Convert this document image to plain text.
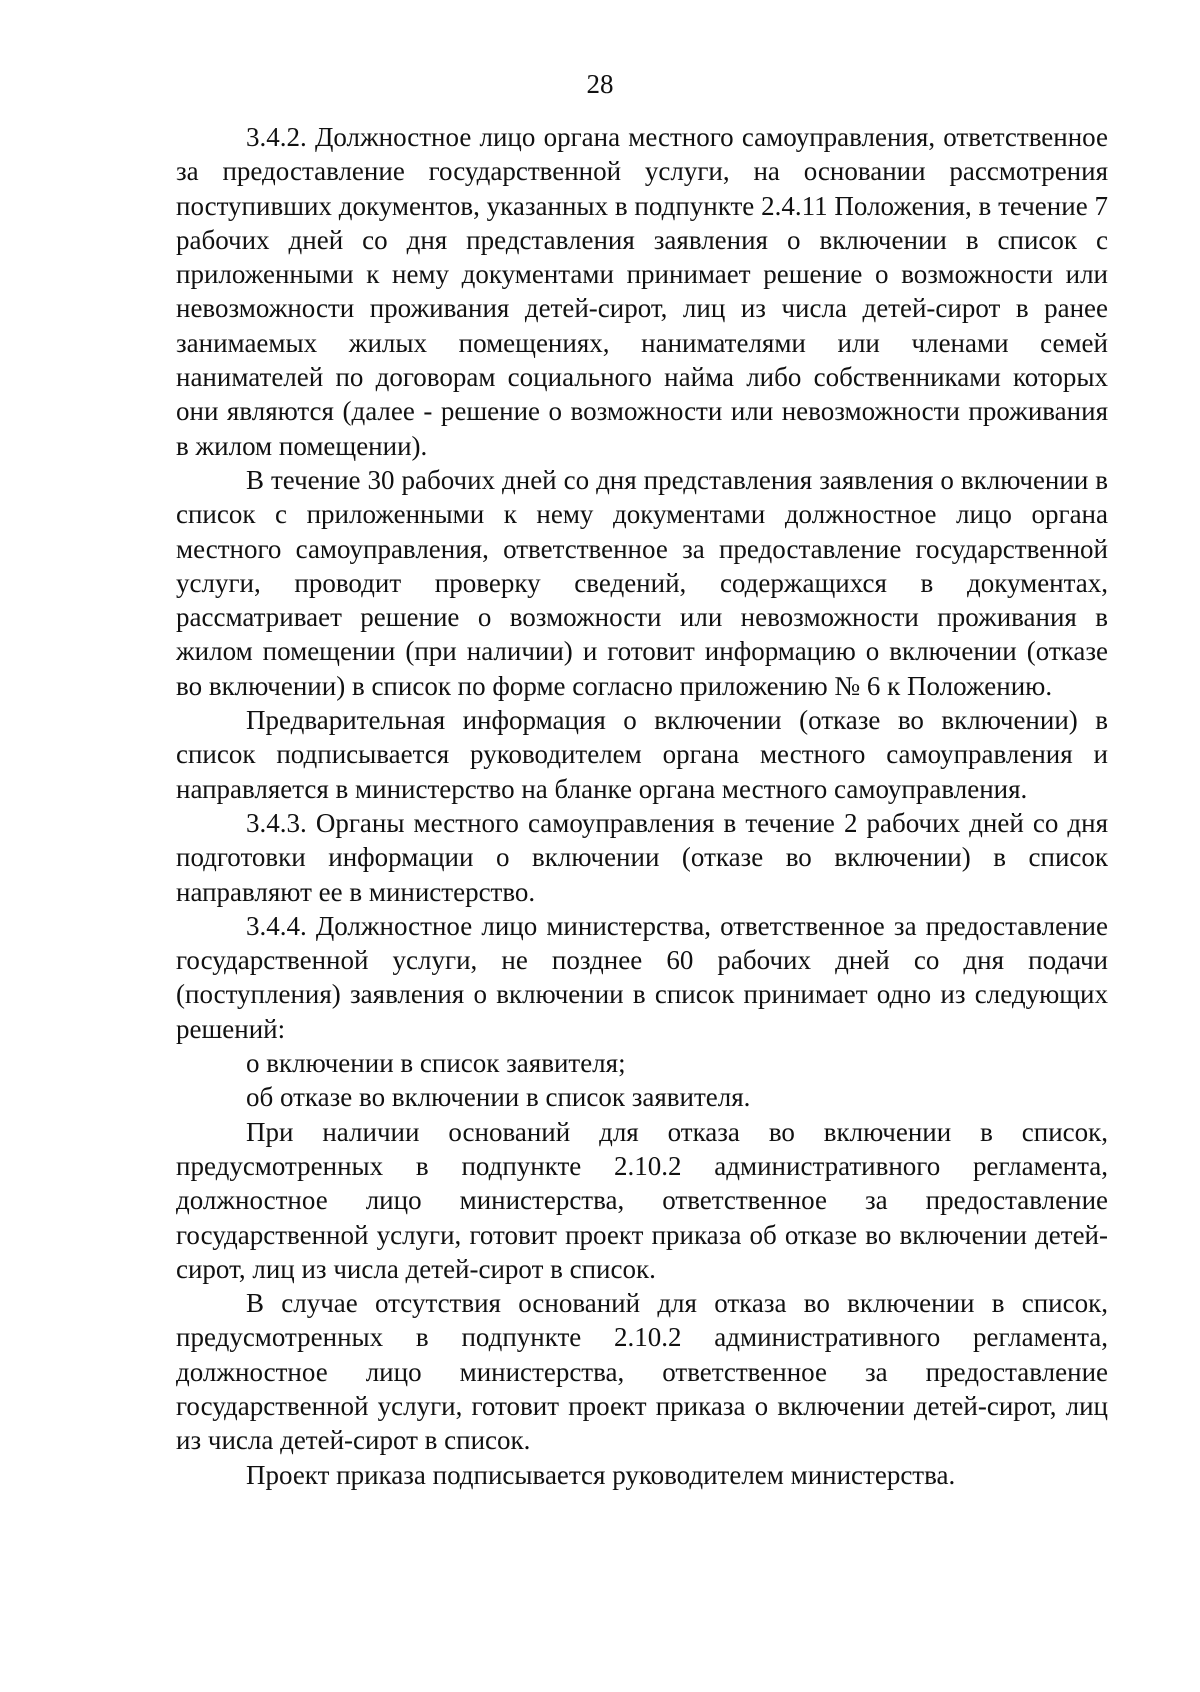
28

3.4.2. Должностное лицо органа местного самоуправления, ответственное за предоставление государственной услуги, на основании рассмотрения поступивших документов, указанных в подпункте 2.4.11 Положения, в течение 7 рабочих дней со дня представления заявления о включении в список с приложенными к нему документами принимает решение о возможности или невозможности проживания детей-сирот, лиц из числа детей-сирот в ранее занимаемых жилых помещениях, нанимателями или членами семей нанимателей по договорам социального найма либо собственниками которых они являются (далее - решение о возможности или невозможности проживания в жилом помещении).

В течение 30 рабочих дней со дня представления заявления о включении в список с приложенными к нему документами должностное лицо органа местного самоуправления, ответственное за предоставление государственной услуги, проводит проверку сведений, содержащихся в документах, рассматривает решение о возможности или невозможности проживания в жилом помещении (при наличии) и готовит информацию о включении (отказе во включении) в список по форме согласно приложению № 6 к Положению.

Предварительная информация о включении (отказе во включении) в список подписывается руководителем органа местного самоуправления и направляется в министерство на бланке органа местного самоуправления.

3.4.3. Органы местного самоуправления в течение 2 рабочих дней со дня подготовки информации о включении (отказе во включении) в список направляют ее в министерство.

3.4.4. Должностное лицо министерства, ответственное за предоставление государственной услуги, не позднее 60 рабочих дней со дня подачи (поступления) заявления о включении в список принимает одно из следующих решений:

о включении в список заявителя;

об отказе во включении в список заявителя.

При наличии оснований для отказа во включении в список, предусмотренных в подпункте 2.10.2 административного регламента, должностное лицо министерства, ответственное за предоставление государственной услуги, готовит проект приказа об отказе во включении детей-сирот, лиц из числа детей-сирот в список.

В случае отсутствия оснований для отказа во включении в список, предусмотренных в подпункте 2.10.2 административного регламента, должностное лицо министерства, ответственное за предоставление государственной услуги, готовит проект приказа о включении детей-сирот, лиц из числа детей-сирот в список.

Проект приказа подписывается руководителем министерства.
